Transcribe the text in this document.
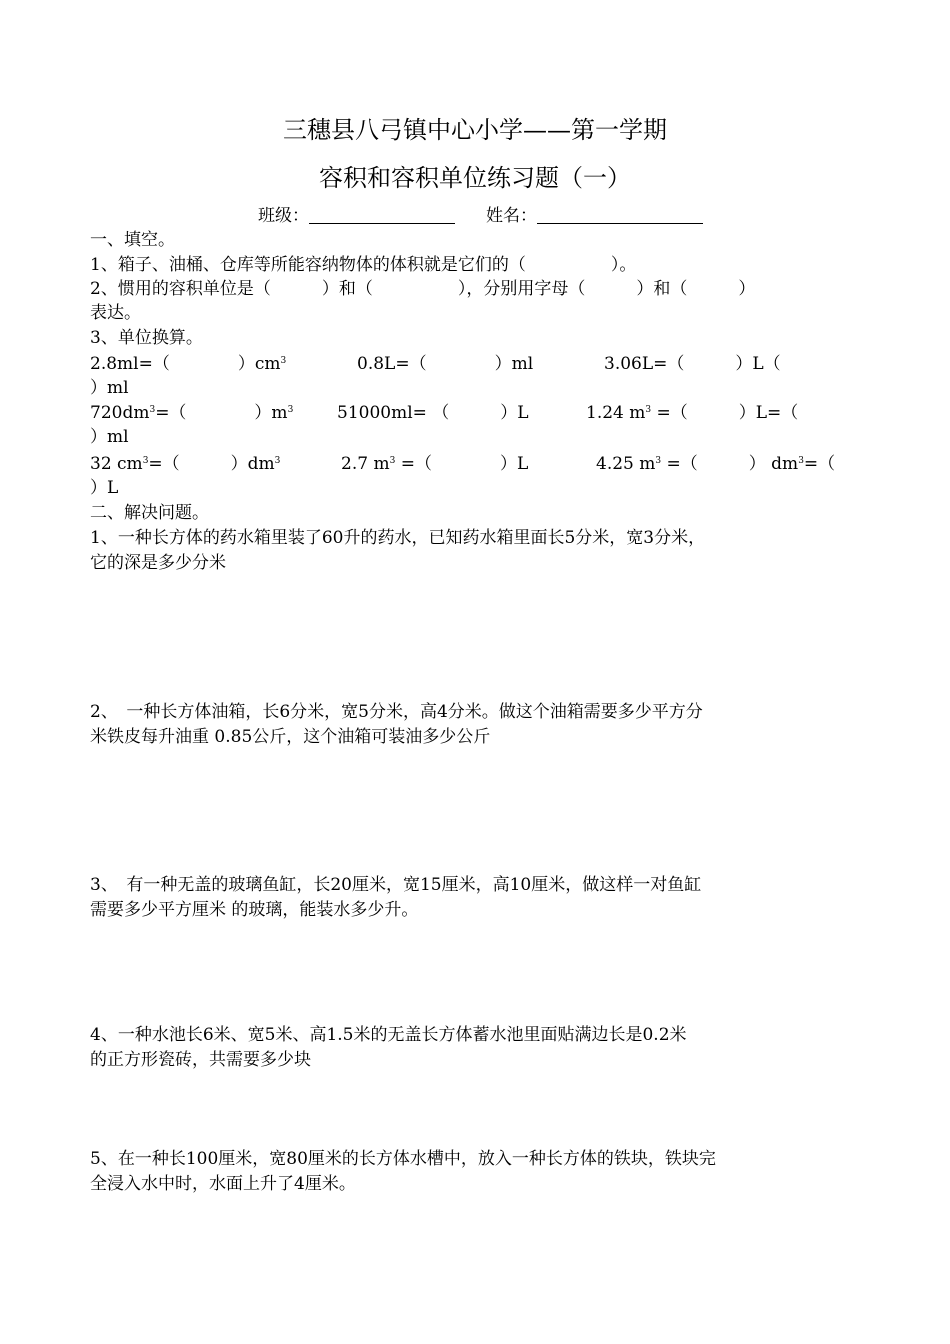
三穗县八弓镇中心小学——第一学期
容积和容积单位练习题（一）
班级：	姓名：
一、填空。
1、箱子、油桶、仓库等所能容纳物体的体积就是它们的（　　　　　）。
2、惯用的容积单位是（　　　）和（　　　　　），分别用字母（　　　）和（　　　）
表达。
3、单位换算。
2.8ml=（　　　　）$cm^3$	0.8L=（　　　　）ml	3.06L=（　　　）L（
）ml
$720dm^3=$（　　　　）$m^3$	51000ml= （　　　）L	1.24 $m^3$ =（　　　）L=（
）ml
32 $cm^3=$（　　　）$dm^3$	2.7 $m^3$ =（　　　　）L	4.25 $m^3$ =（　　　） $dm^3=$（
）L
二、解决问题。
1、一种长方体的药水箱里装了60升的药水，已知药水箱里面长5分米，宽3分米，
它的深是多少分米
2、　一种长方体油箱，长6分米，宽5分米，高4分米。做这个油箱需要多少平方分
米铁皮每升油重 0.85公斤，这个油箱可装油多少公斤
3、　有一种无盖的玻璃鱼缸，长20厘米，宽15厘米，高10厘米，做这样一对鱼缸
需要多少平方厘米 的玻璃，能装水多少升。
4、一种水池长6米、宽5米、高1.5米的无盖长方体蓄水池里面贴满边长是0.2米
的正方形瓷砖，共需要多少块
5、在一种长100厘米，宽80厘米的长方体水槽中，放入一种长方体的铁块，铁块完
全浸入水中时，水面上升了4厘米。
